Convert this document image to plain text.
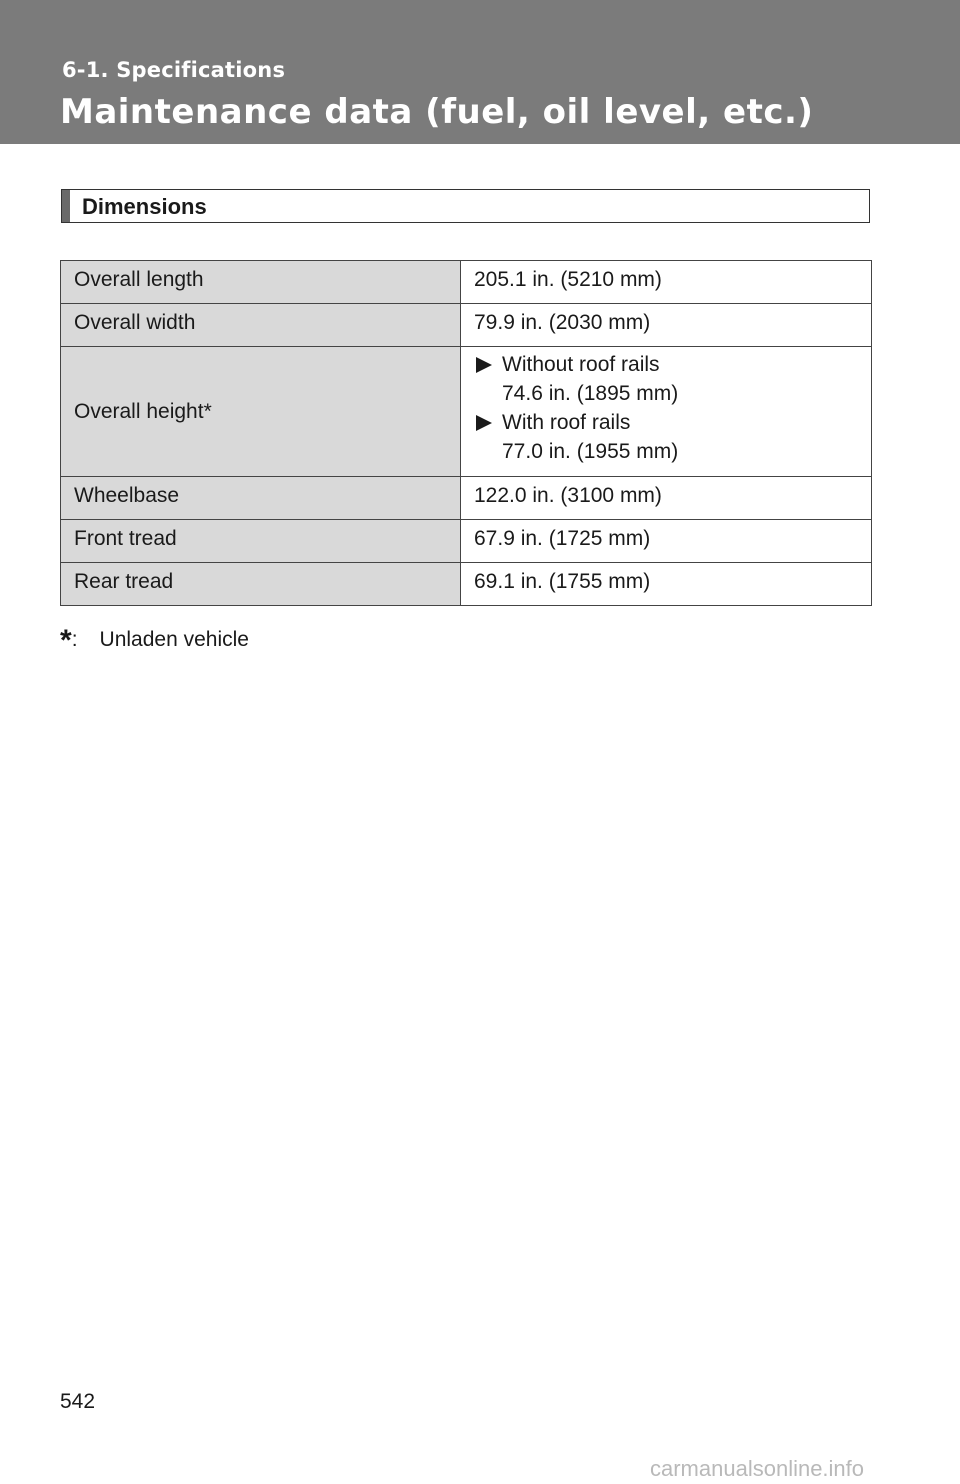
6-1. Specifications
Maintenance data (fuel, oil level, etc.)
Dimensions
Overall length	205.1 in. (5210 mm)
Overall width	79.9 in. (2030 mm)
Overall height*	Without roof rails
74.6 in. (1895 mm)
With roof rails
77.0 in. (1955 mm)

Wheelbase	122.0 in. (3100 mm)
Front tread	67.9 in. (1725 mm)
Rear tread	69.1 in. (1755 mm)
*: Unladen vehicle
542
carmanualsonline.info
